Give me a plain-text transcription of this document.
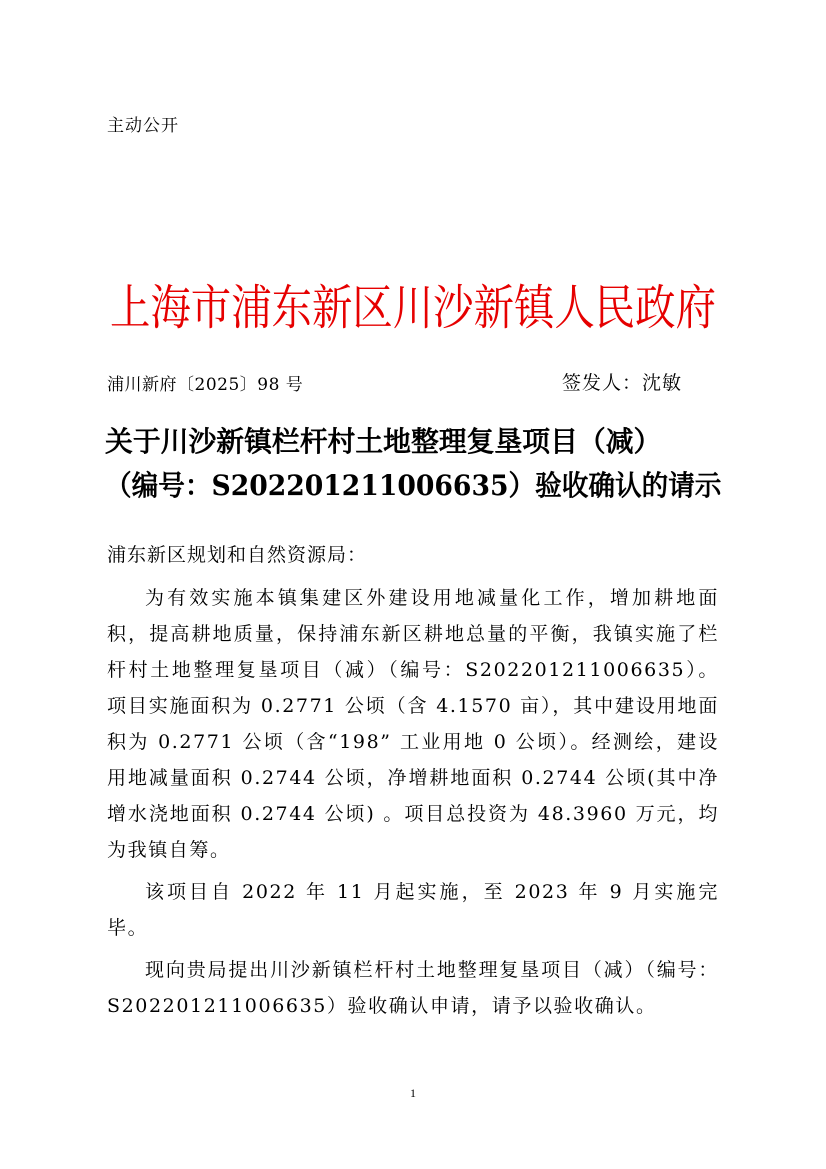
主动公开
上海市浦东新区川沙新镇人民政府
浦川新府〔2025〕98 号	签发人：沈敏
关于川沙新镇栏杆村土地整理复垦项目（减）
（编号：S202201211006635）验收确认的请示
浦东新区规划和自然资源局：

为有效实施本镇集建区外建设用地减量化工作，增加耕地面积，提高耕地质量，保持浦东新区耕地总量的平衡，我镇实施了栏杆村土地整理复垦项目（减）（编号：S202201211006635）。项目实施面积为 0.2771 公顷（含 4.1570 亩），其中建设用地面积为 0.2771 公顷（含“198” 工业用地 0 公顷）。经测绘，建设用地减量面积 0.2744 公顷，净增耕地面积 0.2744 公顷(其中净增水浇地面积 0.2744 公顷) 。项目总投资为 48.3960 万元，均为我镇自筹。

该项目自 2022 年 11 月起实施，至 2023 年 9 月实施完毕。

现向贵局提出川沙新镇栏杆村土地整理复垦项目（减）（编号：S202201211006635）验收确认申请，请予以验收确认。

1
